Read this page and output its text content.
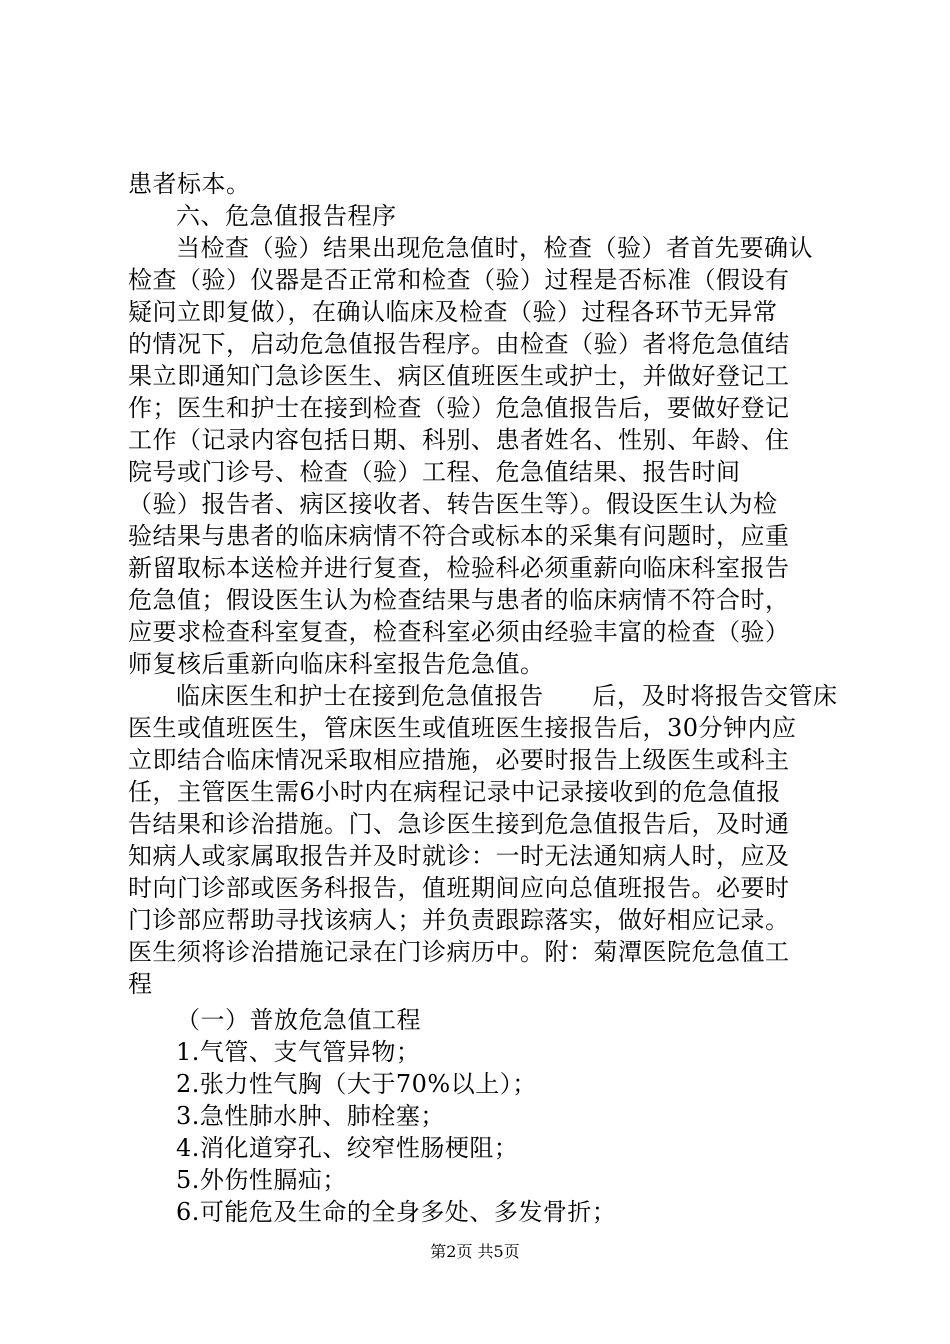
患者标本。
六、危急值报告程序
当检查（验）结果出现危急值时，检查（验）者首先要确认
检查（验）仪器是否正常和检查（验）过程是否标准（假设有
疑问立即复做），在确认临床及检查（验）过程各环节无异常
的情况下，启动危急值报告程序。由检查（验）者将危急值结
果立即通知门急诊医生、病区值班医生或护士，并做好登记工
作；医生和护士在接到检查（验）危急值报告后，要做好登记
工作（记录内容包括日期、科别、患者姓名、性别、年龄、住
院号或门诊号、检查（验）工程、危急值结果、报告时间
（验）报告者、病区接收者、转告医生等）。假设医生认为检
验结果与患者的临床病情不符合或标本的采集有问题时，应重
新留取标本送检并进行复查，检验科必须重薪向临床科室报告
危急值；假设医生认为检查结果与患者的临床病情不符合时，
应要求检查科室复查，检查科室必须由经验丰富的检查（验）
师复核后重新向临床科室报告危急值。
临床医生和护士在接到危急值报告　　后，及时将报告交管床
医生或值班医生，管床医生或值班医生接报告后，30分钟内应
立即结合临床情况采取相应措施，必要时报告上级医生或科主
任，主管医生需6小时内在病程记录中记录接收到的危急值报
告结果和诊治措施。门、急诊医生接到危急值报告后，及时通
知病人或家属取报告并及时就诊：一时无法通知病人时，应及
时向门诊部或医务科报告，值班期间应向总值班报告。必要时
门诊部应帮助寻找该病人；并负责跟踪落实，做好相应记录。
医生须将诊治措施记录在门诊病历中。附：菊潭医院危急值工
程
（一）普放危急值工程
1.气管、支气管异物；
2.张力性气胸（大于70%以上）；
3.急性肺水肿、肺栓塞；
4.消化道穿孔、绞窄性肠梗阻；
5.外伤性膈疝；
6.可能危及生命的全身多处、多发骨折；
第2页 共5页
